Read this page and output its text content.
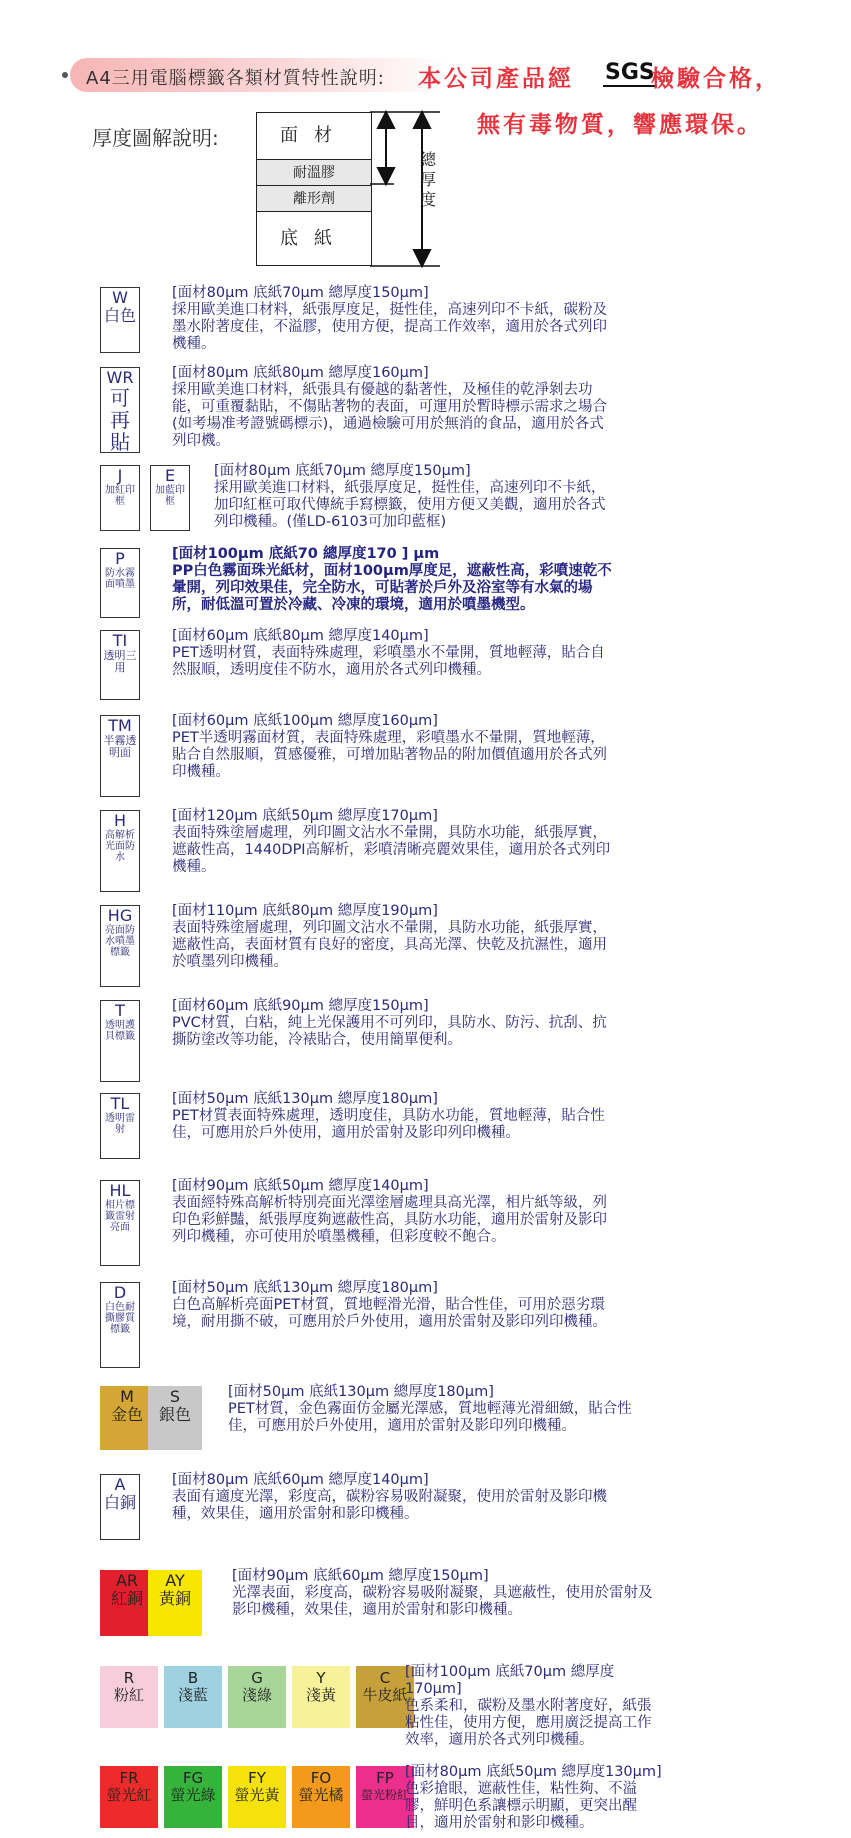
A4三用電腦標籤各類材質特性說明: 本公司產品經 SGS
檢驗合格，
無有毒物質，響應環保。
厚度圖解說明:	面材
耐溫膠
離形劑
底紙
總厚度
W
白色
[面材80μm 底紙70μm 總厚度150μm]
採用歐美進口材料，紙張厚度足，挺性佳，高速列印不卡紙，碳粉及墨水附著度佳，不溢膠，使用方便，提高工作效率，適用於各式列印機種。
WR
可再貼
[面材80μm 底紙80μm 總厚度160μm]
採用歐美進口材料，紙張具有優越的黏著性，及極佳的乾淨剝去功能，可重覆黏貼，不傷貼著物的表面，可運用於暫時標示需求之場合(如考場准考證號碼標示)，通過檢驗可用於無消的食品，適用於各式列印機。
J
加紅印框
E
加藍印框
[面材80μm 底紙70μm 總厚度150μm]
採用歐美進口材料，紙張厚度足，挺性佳，高速列印不卡紙，加印紅框可取代傳統手寫標籤，使用方便又美觀，適用於各式列印機種。(僅LD-6103可加印藍框)
P
防水霧面噴墨
[面材100μm 底紙70 總厚度170 ] μm
PP白色霧面珠光紙材，面材100μm厚度足，遮蔽性高，彩噴速乾不暈開，列印效果佳，完全防水，可貼著於戶外及浴室等有水氣的場所，耐低溫可置於冷藏、冷凍的環境，適用於噴墨機型。
TI
透明三用
[面材60μm 底紙80μm 總厚度140μm]
PET透明材質，表面特殊處理，彩噴墨水不暈開，質地輕薄，貼合自然服順，透明度佳不防水，適用於各式列印機種。
TM
半霧透明面
[面材60μm 底紙100μm 總厚度160μm]
PET半透明霧面材質，表面特殊處理，彩噴墨水不暈開，質地輕薄，貼合自然服順，質感優雅，可增加貼著物品的附加價值適用於各式列印機種。
H
高解析光面防水
[面材120μm 底紙50μm 總厚度170μm]
表面特殊塗層處理，列印圖文沾水不暈開，具防水功能，紙張厚實，遮蔽性高，1440DPI高解析，彩噴清晰亮麗效果佳，適用於各式列印機種。
HG
亮面防水噴墨標籤
[面材110μm 底紙80μm 總厚度190μm]
表面特殊塗層處理，列印圖文沾水不暈開，具防水功能，紙張厚實，遮蔽性高，表面材質有良好的密度，具高光澤、快乾及抗濕性，適用於噴墨列印機種。
T
透明護貝標籤
[面材60μm 底紙90μm 總厚度150μm]
PVC材質，白粘，純上光保護用不可列印，具防水、防污、抗刮、抗撕防塗改等功能，冷裱貼合，使用簡單便利。
TL
透明雷射
[面材50μm 底紙130μm 總厚度180μm]
PET材質表面特殊處理，透明度佳，具防水功能，質地輕薄，貼合性佳，可應用於戶外使用，適用於雷射及影印列印機種。
HL
相片標籤雷射亮面
[面材90μm 底紙50μm 總厚度140μm]
表面經特殊高解析特別亮面光澤塗層處理具高光澤，相片紙等級，列印色彩鮮豔，紙張厚度夠遮蔽性高，具防水功能，適用於雷射及影印列印機種，亦可使用於噴墨機種，但彩度較不飽合。
D
白色耐撕膠質標籤
[面材50μm 底紙130μm 總厚度180μm]
白色高解析亮面PET材質，質地輕滑光滑，貼合性佳，可用於惡劣環境，耐用撕不破，可應用於戶外使用，適用於雷射及影印列印機種。
M
金色
S
銀色
[面材50μm 底紙130μm 總厚度180μm]
PET材質，金色霧面仿金屬光澤感，質地輕薄光滑細緻，貼合性佳，可應用於戶外使用，適用於雷射及影印列印機種。
A
白銅
[面材80μm 底紙60μm 總厚度140μm]
表面有適度光澤，彩度高，碳粉容易吸附凝聚，使用於雷射及影印機種，效果佳，適用於雷射和影印機種。
AR
紅銅
AY
黃銅
[面材90μm 底紙60μm 總厚度150μm]
光澤表面，彩度高，碳粉容易吸附凝聚，具遮蔽性，使用於雷射及影印機種，效果佳，適用於雷射和影印機種。
R
粉紅
B
淺藍
G
淺綠
Y
淺黃
C
牛皮紙
[面材100μm 底紙70μm 總厚度170μm]
色系柔和，碳粉及墨水附著度好，紙張粘性佳，使用方便，應用廣泛提高工作效率，適用於各式列印機種。
FR
螢光紅
FG
螢光綠
FY
螢光黃
FO
螢光橘
FP
螢光粉紅
[面材80μm 底紙50μm 總厚度130μm]
色彩搶眼，遮蔽性佳，粘性夠、不溢膠，鮮明色系讓標示明顯，更突出醒目，適用於雷射和影印機種。
